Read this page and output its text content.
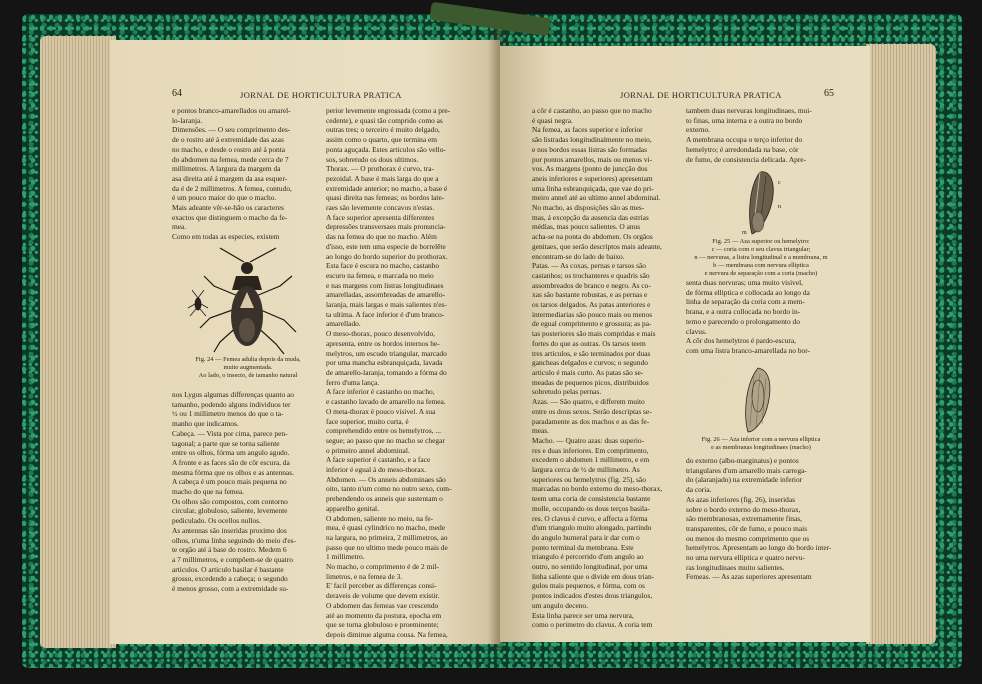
64	JORNAL DE HORTICULTURA PRATICA
e pontos branco-amarellados ou amarel-
lo-laranja.
Dimensões. — O seu comprimento des-
de o rostro até á extremidade das azas
no macho, e desde o rostro até á ponta
do abdomen na femea, mede cerca de 7
millimetros. A largura da margem da
asa direita até á margem da asa esquer-
da é de 2 millimetros. A femea, contudo,
é um pouco maior do que o macho.
Mais adeante vêr-se-hão os caracteres
exactos que distinguem o macho da fe-
mea.
Como em todas as especies, existem
Fig. 24 — Femea adulta depois da muda,
muito augmentada.
Ao lado, o insecto, de tamanho natural
nos Lygus algumas differenças quanto ao
tamanho, podendo alguns individuos ter
½ ou 1 millimetro menos do que o ta-
manho que indicamos.
Cabeça. — Vista por cima, parece pen-
tagonal; a parte que se torna saliente
entre os olhos, fórma um angulo agudo.
A fronte e as faces são de côr escura, da
mesma fórma que os olhos e as antennas.
A cabeça é um pouco mais pequena no
macho do que na femea.
Os olhos são compostos, com contorno
circular, globuloso, saliente, levemente
pediculado. Os ocellos nullos.
As antennas são inseridas proximo dos
olhos, n'uma linha seguindo do meio d'es-
te orgão até á base do rostro. Medem 6
a 7 millimetros, e compõem-se de quatro
articulos. O articulo basilar é bastante
grosso, excedendo a cabeça; o segundo
é menos grosso, com a extremidade su-
perior levemente engrossada (como a pre-
cedente), e quasi tão comprido como as
outras tres; o terceiro é muito delgado,
assim como o quarto, que termina em
ponta aguçada. Estes articulos são vello-
sos, sobretudo os dous ultimos.
Thorax. — O prothorax é curvo, tra-
pezoidal. A base é mais larga do que a
extremidade anterior; no macho, a base é
quasi direita nas femeas; os bordos late-
raes são levemente concavos n'estas.
A face superior apresenta differentes
depressões transversaes mais pronuncia-
das na femea do que no macho. Além
d'isso, este tem uma especie de borrelête
ao longo do bordo superior do prothorax.
Esta face é escura no macho, castanho
escuro na femea, e marcada no meio
e nas margens com listras longitudinaes
amarelladas, assombreadas de amarello-
laranja, mais largas e mais salientes n'es-
ta ultima. A face inferior é d'um branco-
amarellado.
O meso-thorax, pouco desenvolvido,
apresenta, entre os bordos internos he-
melytros, um escudo triangular, marcado
por uma mancha esbranquiçada, lavada
de amarello-laranja, tomando a fórma do
ferro d'uma lança.
A face inferior é castanho no macho,
e castanho lavado de amarello na femea.
O meta-thorax é pouco visivel. A sua
face superior, muito curta, é
comprehendido entre os hemelytros, ...
segue; ao passo que no macho se chegar
o primeiro annel abdominal.
A face superior é castanho, e a face
inferior é egual á do meso-thorax.
Abdomen. — Os anneis abdominaes são
oito, tanto n'um como no outro sexo, com-
prehendendo os anneis que sustentam o
apparelho genital.
O abdomen, saliente no meio, na fe-
mea, é quasi cylindrico no macho, mede
na largura, no primeira, 2 millimetros, ao
passo que no ultimo mede pouco mais de
1 millimetro.
No macho, o comprimento é de 2 mil-
limetros, e na femea de 3.
E' facil perceber as differenças consi-
deraveis de volume que devem existir.
O abdomen das femeas vae crescendo
até ao momento da postura, epocha em
que se torna globuloso e proeminente;
depois diminue alguma cousa. Na femea,
JORNAL DE HORTICULTURA PRATICA	65
a côr é castanho, ao passo que no macho
é quasi negra.
Na femea, as faces superior e inferior
são listradas longitudinalmente no meio,
e nos bordos essas listras são formadas
por pontos amarellos, mais ou menos vi-
vos. As margens (ponto de juncção dos
aneis inferiores e superiores) apresentam
uma linha esbranquiçada, que vae do pri-
meiro annel até ao ultimo annel abdominal.
No macho, as disposições são as mes-
mas, á excepção da ausencia das estrias
médias, mas pouco salientes. O anus
acha-se na ponta do abdomen. Os orgãos
genitaes, que serão descriptos mais adeante,
encontram-se do lado de baixo.
Patas. — As coxas, pernas e tarsos são
castanhos; os trochanteres e quadris são
assombreados de branco e negro. As co-
xas são bastante robustas, e as pernas e
os tarsos delgados. As patas anteriores e
intermediarias são pouco mais ou menos
de egual comprimento e grossura; as pa-
tas posteriores são mais compridas e mais
fortes do que as outras. Os tarsos teem
tres articulos, e são terminados por duas
gancheas delgados e curvos; o segundo
articulo é mais curto. As patas são se-
meadas de pequenos picos, distribuidos
sobretudo pelas pernas.
Azas. — São quatro, e differem muito
entre os dous sexos. Serão descriptas se-
paradamente as dos machos e as das fe-
meas.
Macho. — Quatro azas: duas superio-
res e duas inferiores. Em comprimento,
excedem o abdomen 1 millimetro, e em
largura cerca de ½ de millimetro. As
superiores ou hemelytros (fig. 25), são
marcadas no bordo externo do meso-thorax,
teem uma coria de consistencia bastante
molle, occupando os dous terços basila-
res. O clavus é curvo, e affecta a fórma
d'um triangulo muito alongado, partindo
do angulo humeral para ir dar com o
ponto terminal da membrana. Este
triangulo é percorrido d'um angulo ao
outro, no sentido longitudinal, por uma
linha saliente que o divide em dous trian-
gulos mais pequenos, e fórma, com os
pontos indicados d'estes dous triangulos,
um angulo deceno.
Esta linha parece ser uma nervura,
como o perimetro do clavus. A coria tem
tambem duas nervuras longitudinaes, mui-
to finas, uma interna e a outra no bordo
externo.
A membrana occupa o terço inferior do
hemelytro; é arredondada na base, cór
de fumo, de consistencia delicada. Apre-
c
n
m
Fig. 25 — Aza superior ou hemelytro:
c — coria com o seu clavus triangular;
n — nervuras, a listra longitudinal e a membrana, m
b — membrana com nervura elliptica
e nervura de separação com a coria (macho)
senta duas nervuras; uma muito visivel,
de fórma elliptica e collocada ao longo da
linha de separação da coria com a mem-
brana, e a outra collocada no bordo in-
terno e parecendo o prolongamento do
clavus.
A côr dos hemelytros é pardo-escura,
com uma listra branco-amarellada no bor-
Fig. 26 — Aza inferior com a nervura elliptica
e as membranas longitudinaes (macho)
do externo (albo-marginatus) e pontos
triangulares d'um amarello mais carrega-
do (alaranjado) na extremidade inferior
da coria.
As azas inferiores (fig. 26), inseridas
sobre o bordo externo do meso-thorax,
são membranosas, extremamente finas,
transparentes, côr de fumo, e pouco mais
ou menos do mesmo comprimento que os
hemelytros. Apresentam ao longo do bordo inter-
no uma nervura elliptica e quatro nervu-
ras longitudinaes muito salientes.
Femeas. — As azas superiores apresentam
